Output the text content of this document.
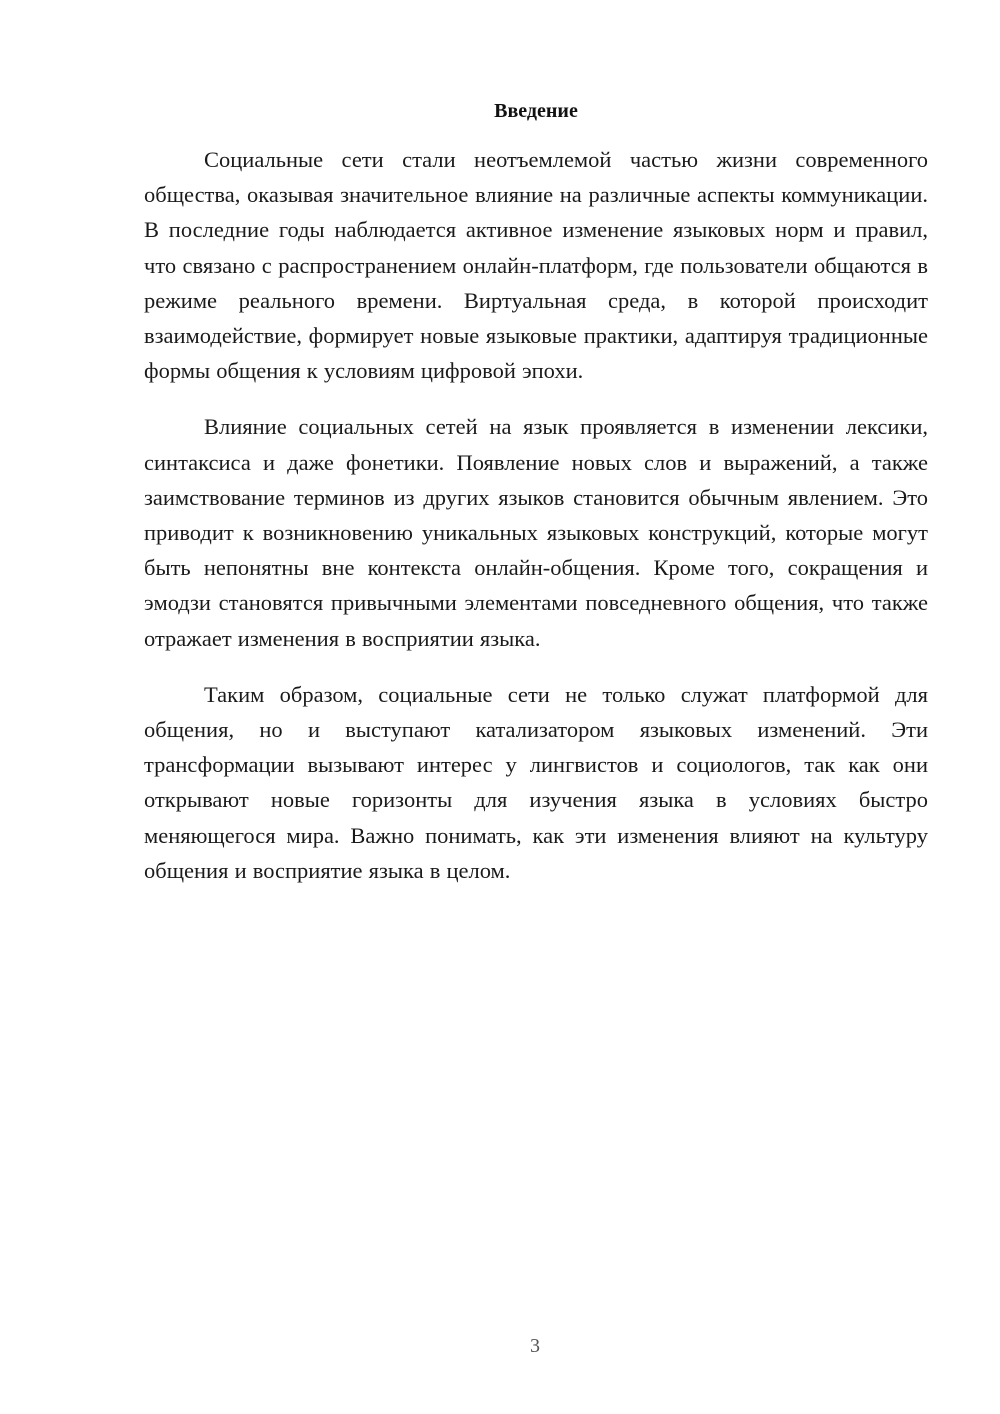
Введение

Социальные сети стали неотъемлемой частью жизни современного общества, оказывая значительное влияние на различные аспекты коммуникации. В последние годы наблюдается активное изменение языковых норм и правил, что связано с распространением онлайн-платформ, где пользователи общаются в режиме реального времени. Виртуальная среда, в которой происходит взаимодействие, формирует новые языковые практики, адаптируя традиционные формы общения к условиям цифровой эпохи.

Влияние социальных сетей на язык проявляется в изменении лексики, синтаксиса и даже фонетики. Появление новых слов и выражений, а также заимствование терминов из других языков становится обычным явлением. Это приводит к возникновению уникальных языковых конструкций, которые могут быть непонятны вне контекста онлайн-общения. Кроме того, сокращения и эмодзи становятся привычными элементами повседневного общения, что также отражает изменения в восприятии языка.

Таким образом, социальные сети не только служат платформой для общения, но и выступают катализатором языковых изменений. Эти трансформации вызывают интерес у лингвистов и социологов, так как они открывают новые горизонты для изучения языка в условиях быстро меняющегося мира. Важно понимать, как эти изменения влияют на культуру общения и восприятие языка в целом.

3
